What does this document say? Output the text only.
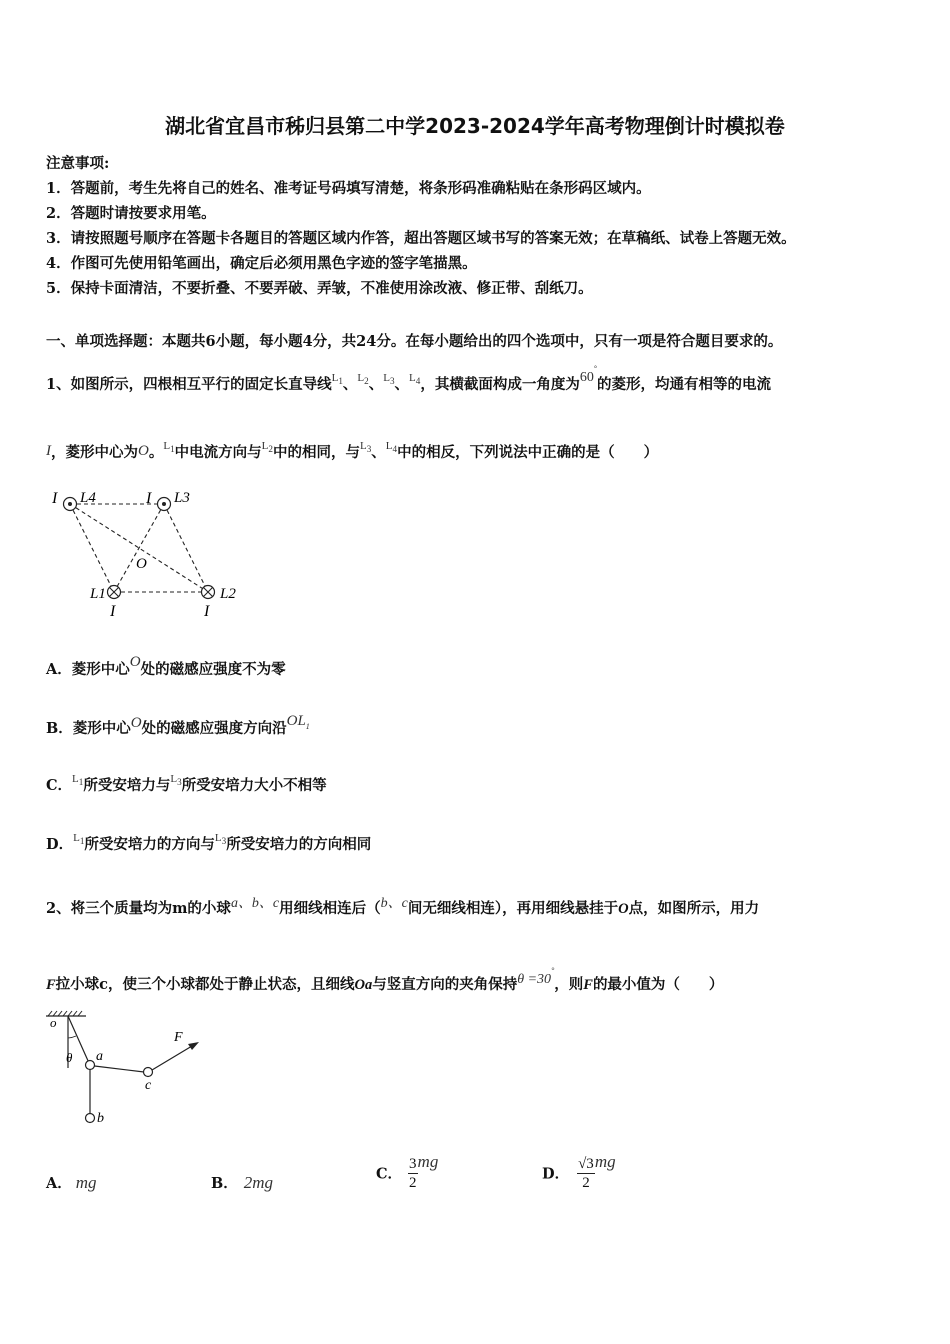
湖北省宜昌市秭归县第二中学2023-2024学年高考物理倒计时模拟卷
注意事项:
1．答题前，考生先将自己的姓名、准考证号码填写清楚，将条形码准确粘贴在条形码区域内。
2．答题时请按要求用笔。
3．请按照题号顺序在答题卡各题目的答题区域内作答，超出答题区域书写的答案无效；在草稿纸、试卷上答题无效。
4．作图可先使用铅笔画出，确定后必须用黑色字迹的签字笔描黑。
5．保持卡面清洁，不要折叠、不要弄破、弄皱，不准使用涂改液、修正带、刮纸刀。
一、单项选择题：本题共6小题，每小题4分，共24分。在每小题给出的四个选项中，只有一项是符合题目要求的。
1、如图所示，四根相互平行的固定长直导线$^{L_1}$、$^{L_2}$、$^{L_3}$、$^{L_4}$，其横截面构成一角度为60°的菱形，均通有相等的电流
I，菱形中心为O。$^{L_1}$中电流方向与$^{L_2}$中的相同，与$^{L_3}$、$^{L_4}$中的相反，下列说法中正确的是（　　）
I L4	I L3
O
L1	L2
I	I
A．菱形中心O处的磁感应强度不为零
B．菱形中心O处的磁感应强度方向沿$OL_1$
C．$^{L_1}$所受安培力与$^{L_3}$所受安培力大小不相等
D．$^{L_1}$所受安培力的方向与$^{L_3}$所受安培力的方向相同
2、将三个质量均为m的小球a、b、c用细线相连后（b、c间无细线相连），再用细线悬挂于O点，如图所示，用力
F拉小球c，使三个小球都处于静止状态，且细线Oa与竖直方向的夹角保持θ =30°，则F的最小值为（　　）
o
θ a
b
c
F
A． mg	B． 2mg	C． $\frac{3}{2}$ mg
D． $\frac{√3}{2}$ mg
